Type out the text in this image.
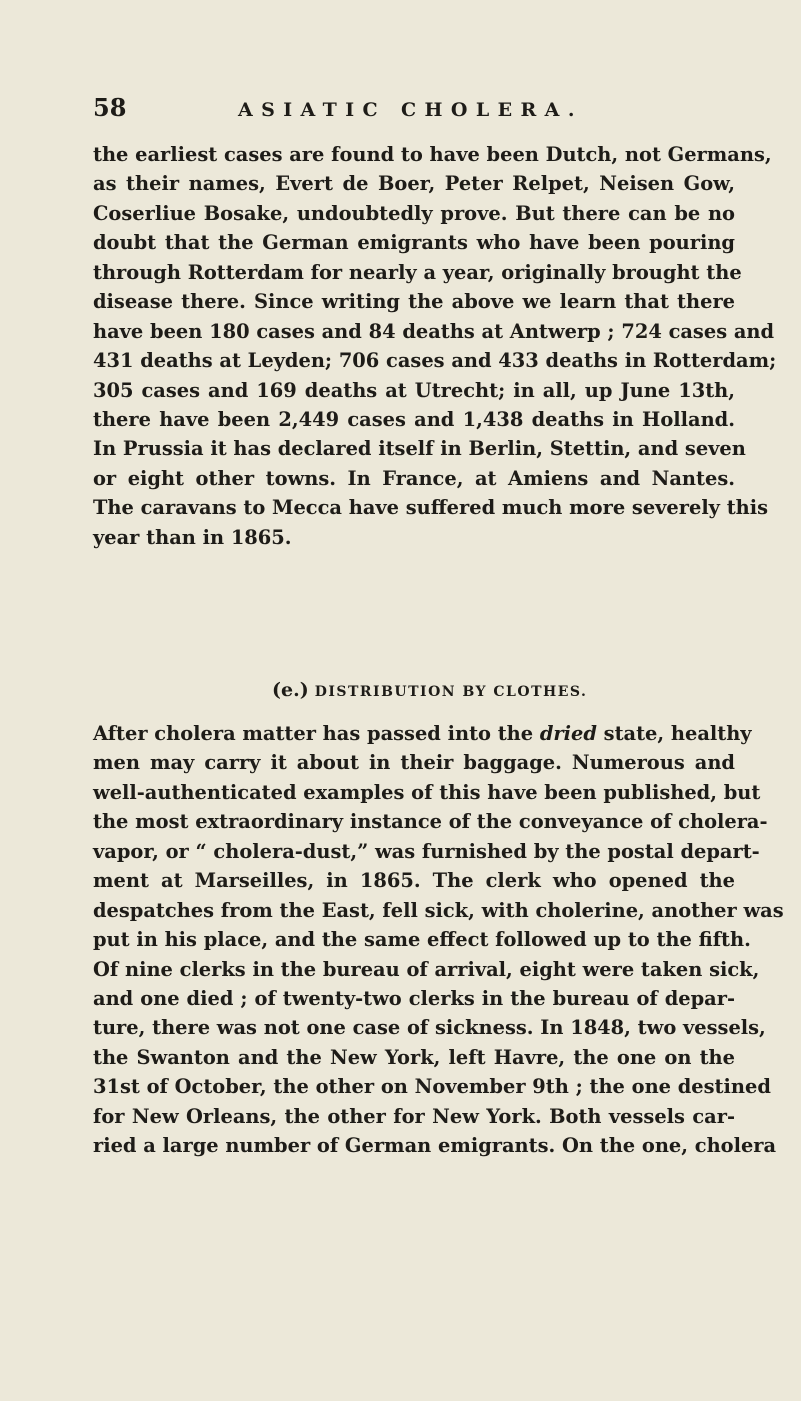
58	ASIATIC CHOLERA.
the earliest cases are found to have been Dutch, not Germans,
as their names, Evert de Boer, Peter Relpet, Neisen Gow,
Coserliue Bosake, undoubtedly prove. But there can be no
doubt that the German emigrants who have been pouring
through Rotterdam for nearly a year, originally brought the
disease there. Since writing the above we learn that there
have been 180 cases and 84 deaths at Antwerp ; 724 cases and
431 deaths at Leyden; 706 cases and 433 deaths in Rotterdam;
305 cases and 169 deaths at Utrecht; in all, up June 13th,
there have been 2,449 cases and 1,438 deaths in Holland.
In Prussia it has declared itself in Berlin, Stettin, and seven
or eight other towns. In France, at Amiens and Nantes.
The caravans to Mecca have suffered much more severely this
year than in 1865.
(e.) DISTRIBUTION BY CLOTHES.
After cholera matter has passed into the dried state, healthy
men may carry it about in their baggage. Numerous and
well-authenticated examples of this have been published, but
the most extraordinary instance of the conveyance of cholera-
vapor, or “ cholera-dust,” was furnished by the postal depart-
ment at Marseilles, in 1865. The clerk who opened the
despatches from the East, fell sick, with cholerine, another was
put in his place, and the same effect followed up to the fifth.
Of nine clerks in the bureau of arrival, eight were taken sick,
and one died ; of twenty-two clerks in the bureau of depar-
ture, there was not one case of sickness. In 1848, two vessels,
the Swanton and the New York, left Havre, the one on the
31st of October, the other on November 9th ; the one destined
for New Orleans, the other for New York. Both vessels car-
ried a large number of German emigrants. On the one, cholera
